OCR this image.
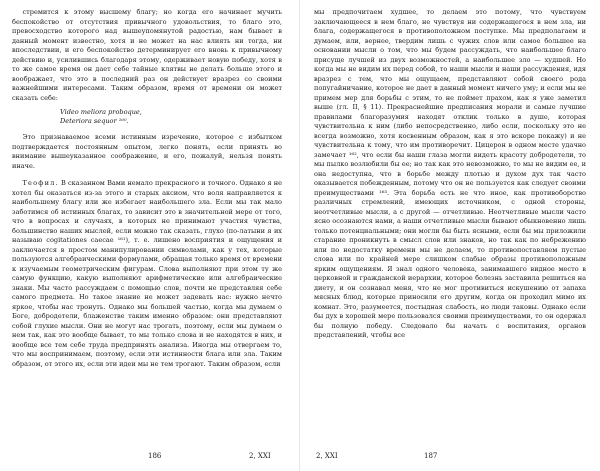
стремится к этому высшему благу; но когда его начинает мучить беспокойство от отсутствия привычного удовольствия, то благо это, превосходство которого над вышеупомянутой радостью, нам бывает в данный момент известно, хотя и не может на нас влиять ни тогда, ни впоследствии, и его беспокойство детерминирует его вновь к привычному действию и, усилившись благодаря этому, одерживает новую победу, хотя в то же самое время он дает себе тайные клятвы не делать больше этого и воображает, что это в последний раз он действует вразрез со своими важнейшими интересами. Таким образом, время от времени он может сказать себе:

Video meliora proboque,
Deteriora sequor ¹⁶⁰.

Это признаваемое всеми истинным изречение, которое с избытком подтверждается постоянным опытом, легко понять, если принять во внимание вышеуказанное соображение, и его, пожалуй, нельзя понять иначе.

Теофил. В сказанном Вами немало прекрасного и точного. Однако я не хотел бы оказаться из-за этого и старых аксиом, что воля направляется к наибольшему благу или же избегает наибольшего зла. Если мы так мало заботимся об истинных благах, то зависит это в значительной мере от того, что в вопросах и случаях, в которых не принимают участия чувства, большинство наших мыслей, если можно так сказать, глухо (по-латыни я их называю cogitationes caecae ¹⁶¹), т. е. лишено восприятия и ощущения и заключается в простом манипулировании символами, как у тех, которые пользуются алгебраическими формулами, обращая только время от времени к изучаемым геометрическим фигурам. Слова выполняют при этом ту же самую функцию, какую выполняют арифметические или алгебраические знаки. Мы часто рассуждаем с помощью слов, почти не представляя себе самого предмета. Но такое знание не может задевать нас: нужно нечто яркое, чтобы нас тронуть. Однако мы большей частью, когда мы думаем о Боге, добродетели, блаженстве таким именно образом: они представляют собой глухие мысли. Они не могут нас трогать, поэтому, если мы думаем о нем так, как это вообще бывает, то мы только слова и не находятся в них, и вообще все тем себе труда предпринять анализа. Иногда мы отвергаем то, что мы воспринимаем, поэтому, если эти истинности блага или зла. Таким образом, от этого их, если эти идеи мы не тем трогают. Таким образом, если

186	2, XXI

мы предпочитаем худшее, то делаем это потому, что чувствуем заключающееся в нем благо, не чувствуя ни содержащегося в нем зла, ни блага, содержащегося в противоположном поступке. Мы предполагаем и думаем, или, вернее, твердим лишь с чужих слов или самое большее на основании мысли о том, что мы будем рассуждать, что наибольшее благо присуще лучшей из двух возможностей, а наибольшее зло — худшей. Но когда мы не видим их перед собой, то наши мысли и наши рассуждения, идя вразрез с тем, что мы ощущаем, представляют собой своего рода попугайничание, которое не дает в данный момент ничего уму; и если мы не примем мер для борьбы с этим, то не поймет прахом, как я уже заметил выше (гл. II, § 11). Прекраснейшие предписания морали и самые лучшие правилами благоразумия находят отклик только в душе, которая чувствительна к ним (либо непосредственно, либо если, поскольку это не всегда возможно, хотя косвенным образом, как я это вскоре покажу) и не чувствительна к тому, что им противоречит. Цицерон в одном месте удачно замечает ¹⁶², что если бы наши глаза могли видеть красоту добродетели, то мы пылко возлюбили бы ее; но так как это невозможно, то мы не видим ее, и она недоступна, что в борьбе между плотью и духом дух так часто оказывается побежденным, потому что он не пользуется как следует своими преимуществами ¹⁶³. Эта борьба есть не что иное, как противоборство различных стремлений, имеющих источником, с одной стороны, неотчетливые мысли, а с другой — отчетливые. Неотчетливые мысли часто ясно осознаются нами, а наши отчетливые мысли бывают обыкновенно лишь только потенциальными; они могли бы быть ясными, если бы мы приложили старание проникнуть в смысл слов или знаков, но так как по небрежению или по недостатку времени мы не делаем, то противопоставляем пустые слова или по крайней мере слишком слабые образы противоположным ярким ощущениям. Я знал одного человека, занимавшего видное место в церковной и гражданской иерархии, которое болезнь заставила решиться на диету, и он сознавал меня, что не мог противиться искушению от запаха мясных блюд, которые приносили его другим, когда он проходил мимо их комнат. Это, разумеется, постыдная слабость, но люди таковы. Однако если бы дух в хорошей мере пользовался своими преимуществами, то он одержал бы полную победу. Следовало бы начать с воспитания, органов представлений, чтобы все

2, XXI	187
